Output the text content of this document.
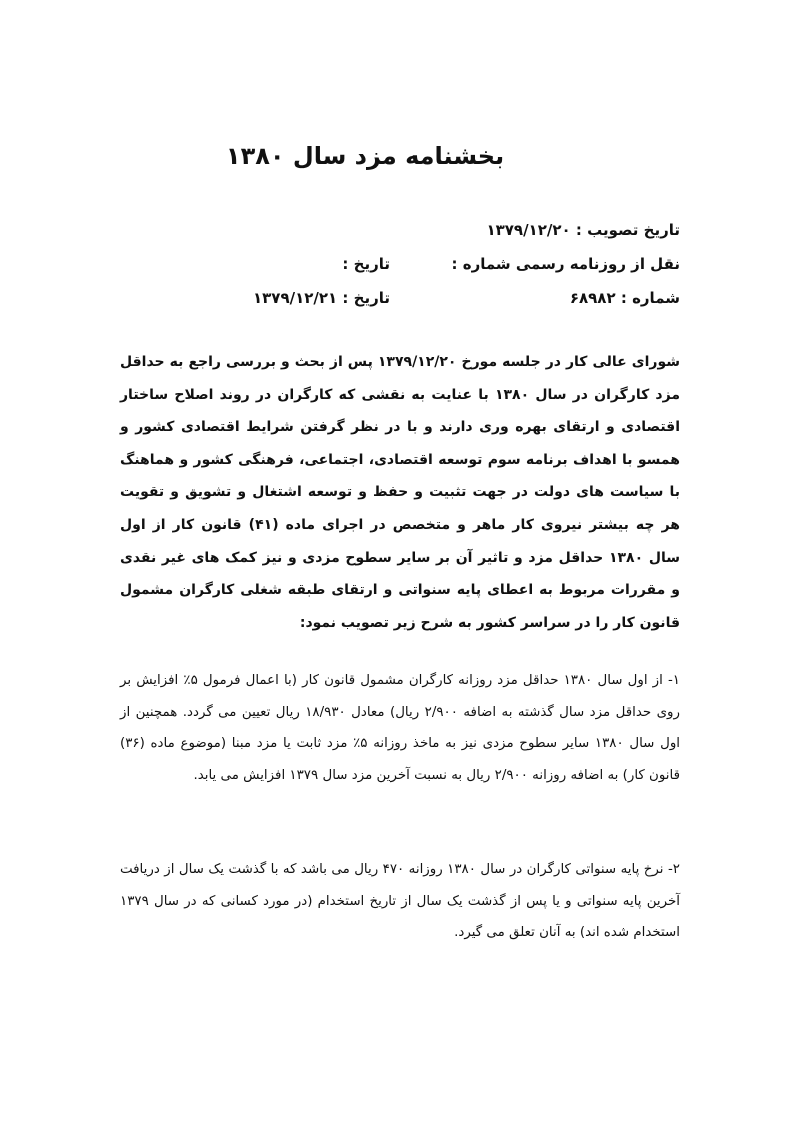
بخشنامه مزد سال ۱۳۸۰
تاریخ تصویب : ۱۳۷۹/۱۲/۲۰
نقل از روزنامه رسمی شماره :
تاریخ :
شماره : ۶۸۹۸۲
تاریخ : ۱۳۷۹/۱۲/۲۱

شورای عالی کار در جلسه مورخ ۱۳۷۹/۱۲/۲۰ پس از بحث و بررسی راجع به حداقل مزد کارگران در سال ۱۳۸۰ با عنایت به نقشی که کارگران در روند اصلاح ساختار اقتصادی و ارتقای بهره وری دارند و با در نظر گرفتن شرایط اقتصادی کشور و همسو با اهداف برنامه سوم توسعه اقتصادی، اجتماعی، فرهنگی کشور و هماهنگ با سیاست های دولت در جهت تثبیت و حفظ و توسعه اشتغال و تشویق و تقویت هر چه بیشتر نیروی کار ماهر و متخصص در اجرای ماده (۴۱) قانون کار از اول سال ۱۳۸۰ حداقل مزد و تاثیر آن بر سایر سطوح مزدی و نیز کمک های غیر نقدی و مقررات مربوط به اعطای پایه سنواتی و ارتقای طبقه شغلی کارگران مشمول قانون کار را در سراسر کشور به شرح زیر تصویب نمود:

۱- از اول سال ۱۳۸۰ حداقل مزد روزانه کارگران مشمول قانون کار (با اعمال فرمول ۵٪ افزایش بر روی حداقل مزد سال گذشته به اضافه ۲/۹۰۰ ریال) معادل ۱۸/۹۳۰ ریال تعیین می گردد. همچنین از اول سال ۱۳۸۰ سایر سطوح مزدی نیز به ماخذ روزانه ۵٪ مزد ثابت یا مزد مبنا (موضوع ماده (۳۶) قانون کار) به اضافه روزانه ۲/۹۰۰ ریال به نسبت آخرین مزد سال ۱۳۷۹ افزایش می یابد.

۲- نرخ پایه سنواتی کارگران در سال ۱۳۸۰ روزانه ۴۷۰ ریال می باشد که با گذشت یک سال از دریافت آخرین پایه سنواتی و یا پس از گذشت یک سال از تاریخ استخدام (در مورد کسانی که در سال ۱۳۷۹ استخدام شده اند) به آنان تعلق می گیرد.
